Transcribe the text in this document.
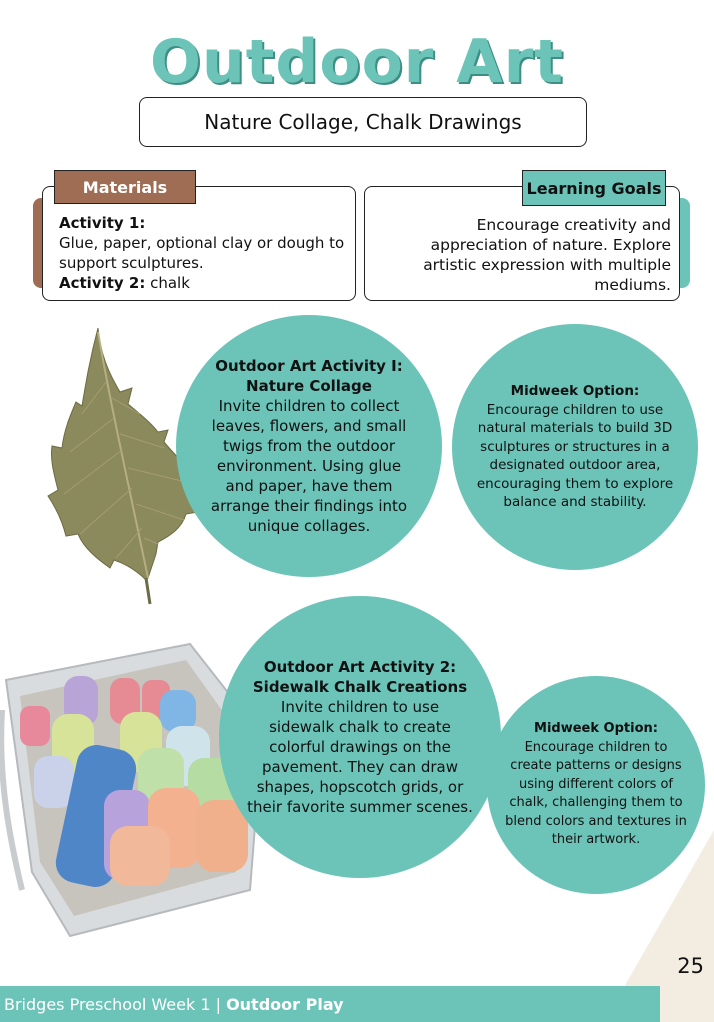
Outdoor Art
Nature Collage, Chalk Drawings
Activity 1:
Glue, paper, optional clay or dough to support sculptures.
Activity 2: chalk
Materials
Encourage creativity and appreciation of nature. Explore artistic expression with multiple mediums.
Learning Goals
Outdoor Art Activity I: Nature Collage
Invite children to collect leaves, flowers, and small twigs from the outdoor environment. Using glue and paper, have them arrange their findings into unique collages.
Midweek Option:
Encourage children to use natural materials to build 3D sculptures or structures in a designated outdoor area, encouraging them to explore balance and stability.
Outdoor Art Activity 2: Sidewalk Chalk Creations
Invite children to use sidewalk chalk to create colorful drawings on the pavement. They can draw shapes, hopscotch grids, or their favorite summer scenes.
Midweek Option:
Encourage children to create patterns or designs using different colors of chalk, challenging them to blend colors and textures in their artwork.
25
Bridges Preschool Week 1 | Outdoor Play
